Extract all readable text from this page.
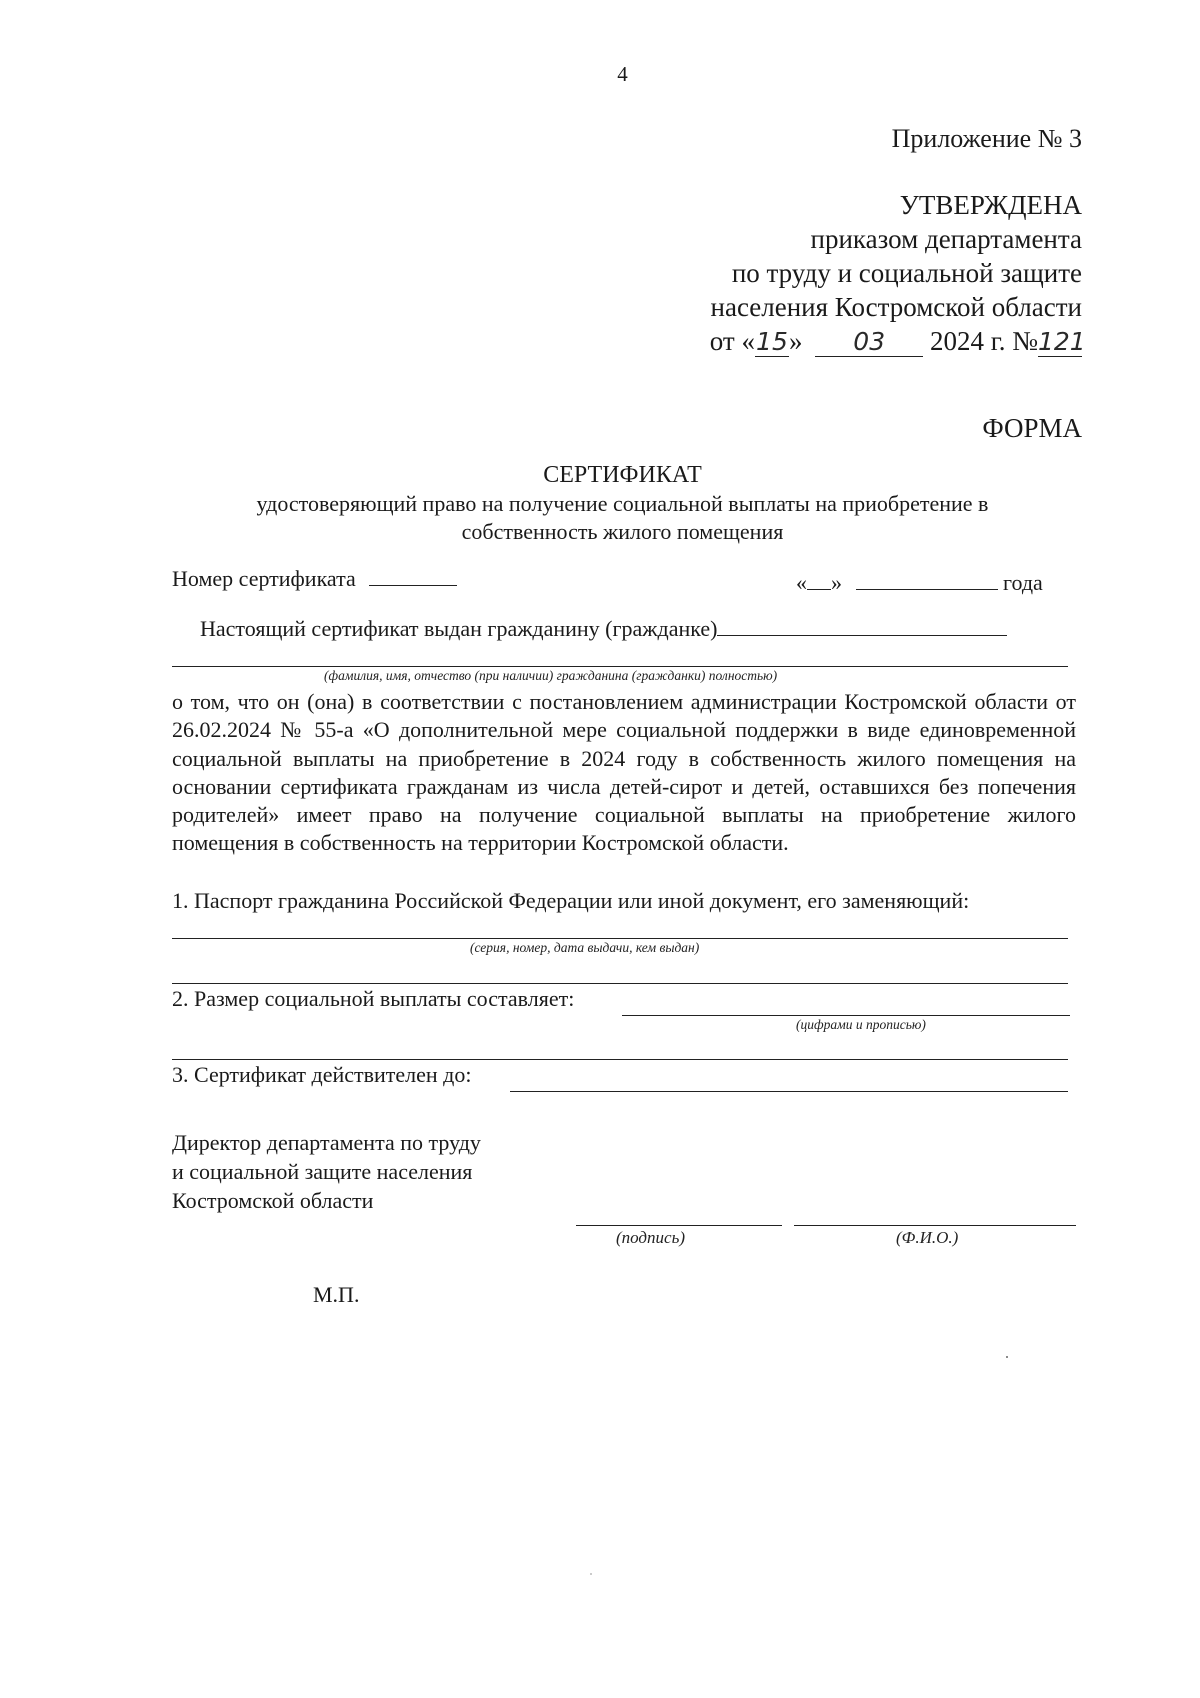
4
Приложение № 3
УТВЕРЖДЕНА
приказом департамента
по труду и социальной защите
населения Костромской области
от «15» 03 2024 г. №121
ФОРМА
СЕРТИФИКАТ
удостоверяющий право на получение социальной выплаты на приобретение в собственность жилого помещения
Номер сертификата	« »	года
Настоящий сертификат выдан гражданину (гражданке)
(фамилия, имя, отчество (при наличии) гражданина (гражданки) полностью)
о том, что он (она) в соответствии с постановлением администрации Костромской области от 26.02.2024 № 55-а «О дополнительной мере социальной поддержки в виде единовременной социальной выплаты на приобретение в 2024 году в собственность жилого помещения на основании сертификата гражданам из числа детей-сирот и детей, оставшихся без попечения родителей» имеет право на получение социальной выплаты на приобретение жилого помещения в собственность на территории Костромской области.
1. Паспорт гражданина Российской Федерации или иной документ, его заменяющий:
(серия, номер, дата выдачи, кем выдан)
2. Размер социальной выплаты составляет:
(цифрами и прописью)
3. Сертификат действителен до:
Директор департамента по труду
и социальной защите населения
Костромской области
(подпись)	(Ф.И.О.)
М.П.
